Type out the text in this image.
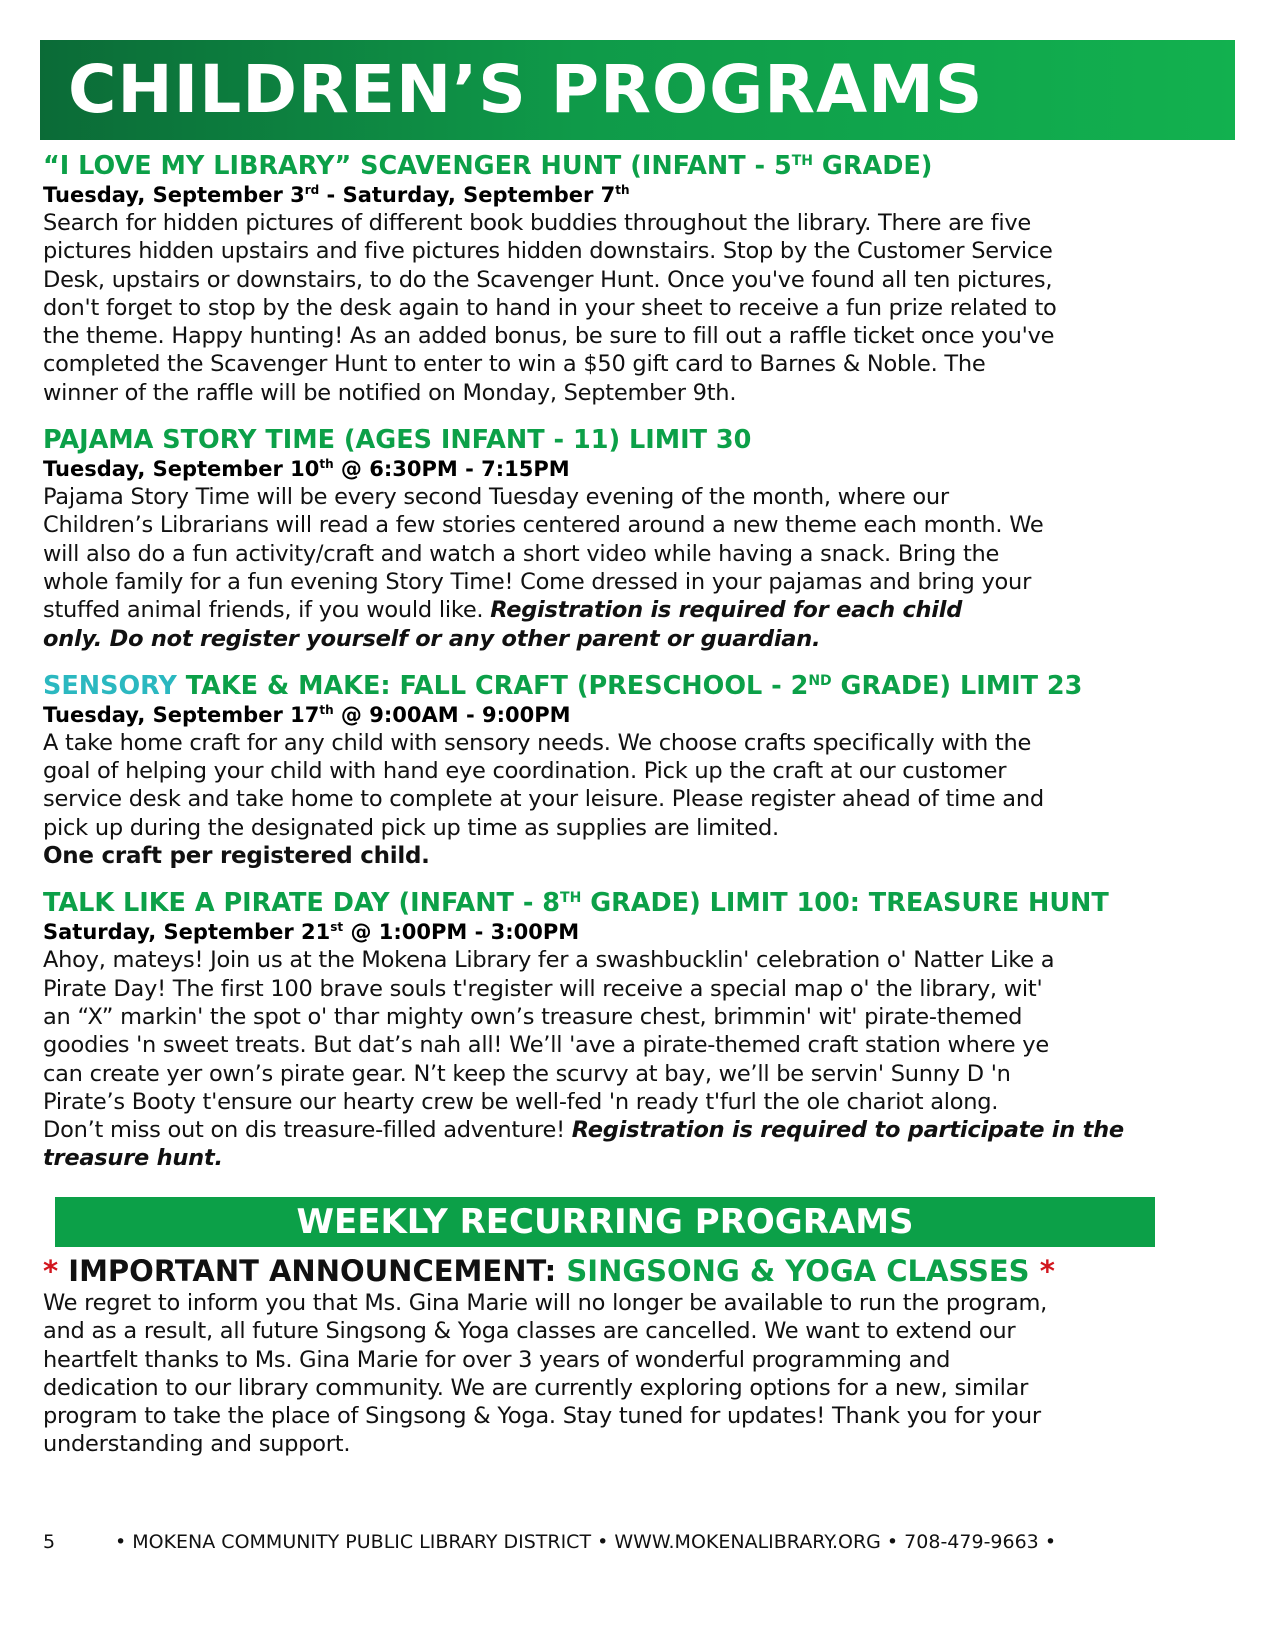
CHILDREN’S PROGRAMS

“I LOVE MY LIBRARY” SCAVENGER HUNT (INFANT - 5TH GRADE)

Tuesday, September 3rd - Saturday, September 7th

Search for hidden pictures of different book buddies throughout the library. There are five
pictures hidden upstairs and five pictures hidden downstairs. Stop by the Customer Service
Desk, upstairs or downstairs, to do the Scavenger Hunt. Once you've found all ten pictures,
don't forget to stop by the desk again to hand in your sheet to receive a fun prize related to
the theme. Happy hunting! As an added bonus, be sure to fill out a raffle ticket once you've
completed the Scavenger Hunt to enter to win a $50 gift card to Barnes & Noble. The
winner of the raffle will be notified on Monday, September 9th.

PAJAMA STORY TIME (AGES INFANT - 11) LIMIT 30

Tuesday, September 10th @ 6:30PM - 7:15PM

Pajama Story Time will be every second Tuesday evening of the month, where our
Children’s Librarians will read a few stories centered around a new theme each month. We
will also do a fun activity/craft and watch a short video while having a snack. Bring the
whole family for a fun evening Story Time! Come dressed in your pajamas and bring your
stuffed animal friends, if you would like. Registration is required for each child
only. Do not register yourself or any other parent or guardian.

SENSORY TAKE & MAKE: FALL CRAFT (PRESCHOOL - 2ND GRADE) LIMIT 23

Tuesday, September 17th @ 9:00AM - 9:00PM

A take home craft for any child with sensory needs. We choose crafts specifically with the
goal of helping your child with hand eye coordination. Pick up the craft at our customer
service desk and take home to complete at your leisure. Please register ahead of time and
pick up during the designated pick up time as supplies are limited.
One craft per registered child.

TALK LIKE A PIRATE DAY (INFANT - 8TH GRADE) LIMIT 100: TREASURE HUNT

Saturday, September 21st @ 1:00PM - 3:00PM

Ahoy, mateys! Join us at the Mokena Library fer a swashbucklin' celebration o' Natter Like a
Pirate Day! The first 100 brave souls t'register will receive a special map o' the library, wit'
an “X” markin' the spot o' thar mighty own’s treasure chest, brimmin' wit' pirate-themed
goodies 'n sweet treats. But dat’s nah all! We’ll 'ave a pirate-themed craft station where ye
can create yer own’s pirate gear. N’t keep the scurvy at bay, we’ll be servin' Sunny D 'n
Pirate’s Booty t'ensure our hearty crew be well-fed 'n ready t'furl the ole chariot along.
Don’t miss out on dis treasure-filled adventure! Registration is required to participate in the
treasure hunt.
WEEKLY RECURRING PROGRAMS

* IMPORTANT ANNOUNCEMENT: SINGSONG & YOGA CLASSES *

We regret to inform you that Ms. Gina Marie will no longer be available to run the program,
and as a result, all future Singsong & Yoga classes are cancelled. We want to extend our
heartfelt thanks to Ms. Gina Marie for over 3 years of wonderful programming and
dedication to our library community. We are currently exploring options for a new, similar
program to take the place of Singsong & Yoga. Stay tuned for updates! Thank you for your
understanding and support.
5	• MOKENA COMMUNITY PUBLIC LIBRARY DISTRICT • WWW.MOKENALIBRARY.ORG • 708-479-9663 •
